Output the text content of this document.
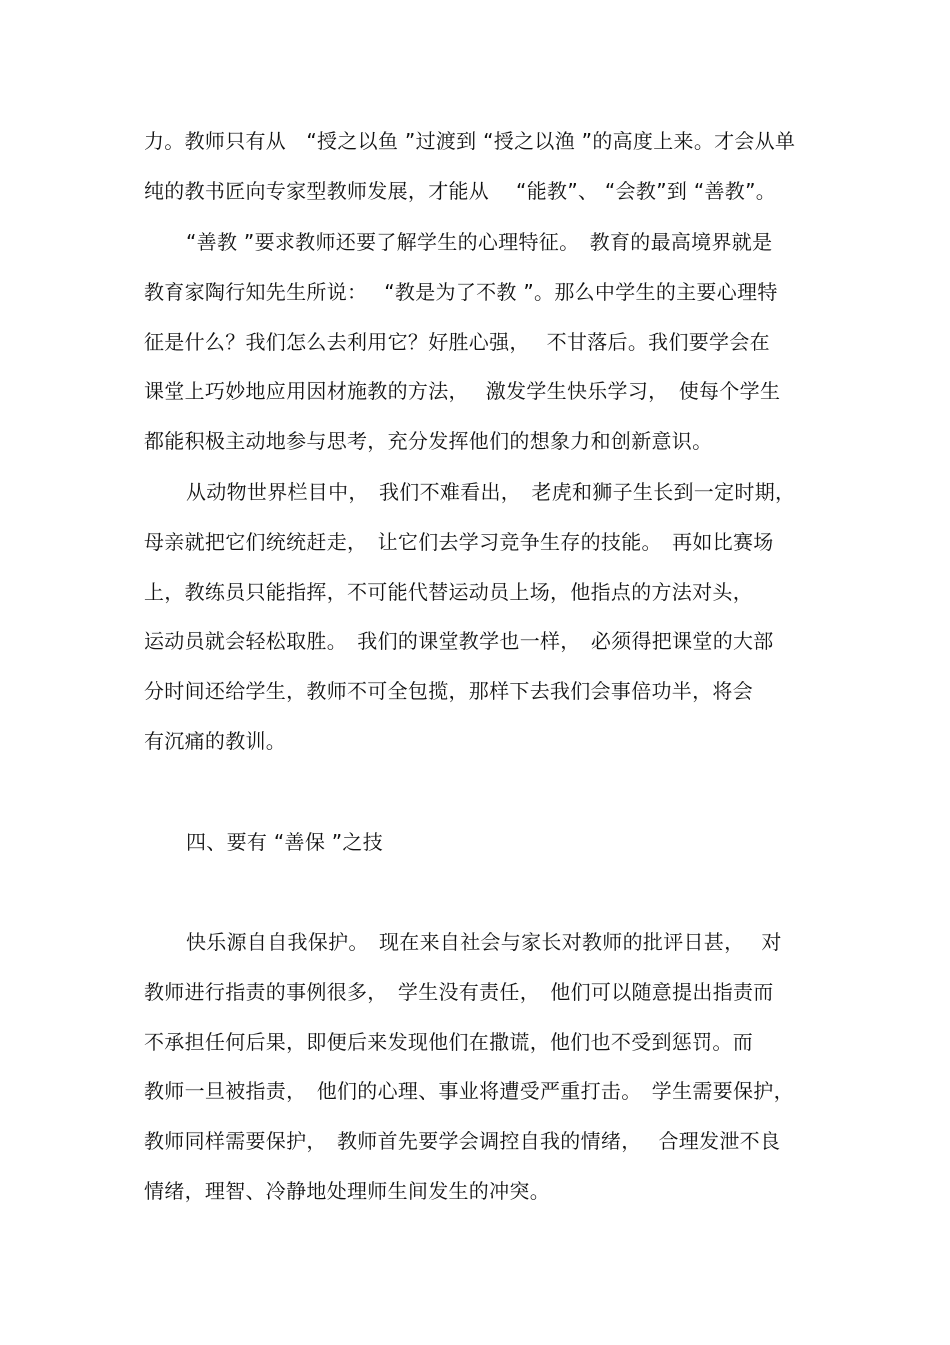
力。教师只有从　“授之以鱼 ”过渡到 “授之以渔 ”的高度上来。才会从单
纯的教书匠向专家型教师发展，才能从　 “能教”、 “会教”到 “善教”。
“善教 ”要求教师还要了解学生的心理特征。　教育的最高境界就是
教育家陶行知先生所说：　 “教是为了不教 ”。那么中学生的主要心理特
征是什么？我们怎么去利用它？好胜心强，　 不甘落后。我们要学会在
课堂上巧妙地应用因材施教的方法，　 激发学生快乐学习，　使每个学生
都能积极主动地参与思考，充分发挥他们的想象力和创新意识。
从动物世界栏目中，　我们不难看出，　老虎和狮子生长到一定时期，
母亲就把它们统统赶走，　让它们去学习竞争生存的技能。　再如比赛场
上，教练员只能指挥，不可能代替运动员上场，他指点的方法对头，
运动员就会轻松取胜。　我们的课堂教学也一样，　必须得把课堂的大部
分时间还给学生，教师不可全包揽，那样下去我们会事倍功半，将会
有沉痛的教训。
四、要有 “善保 ”之技
快乐源自自我保护。　现在来自社会与家长对教师的批评日甚，　 对
教师进行指责的事例很多，　学生没有责任，　他们可以随意提出指责而
不承担任何后果，即便后来发现他们在撒谎，他们也不受到惩罚。而
教师一旦被指责，　他们的心理、事业将遭受严重打击。　学生需要保护，
教师同样需要保护，　教师首先要学会调控自我的情绪，　 合理发泄不良
情绪，理智、冷静地处理师生间发生的冲突。
